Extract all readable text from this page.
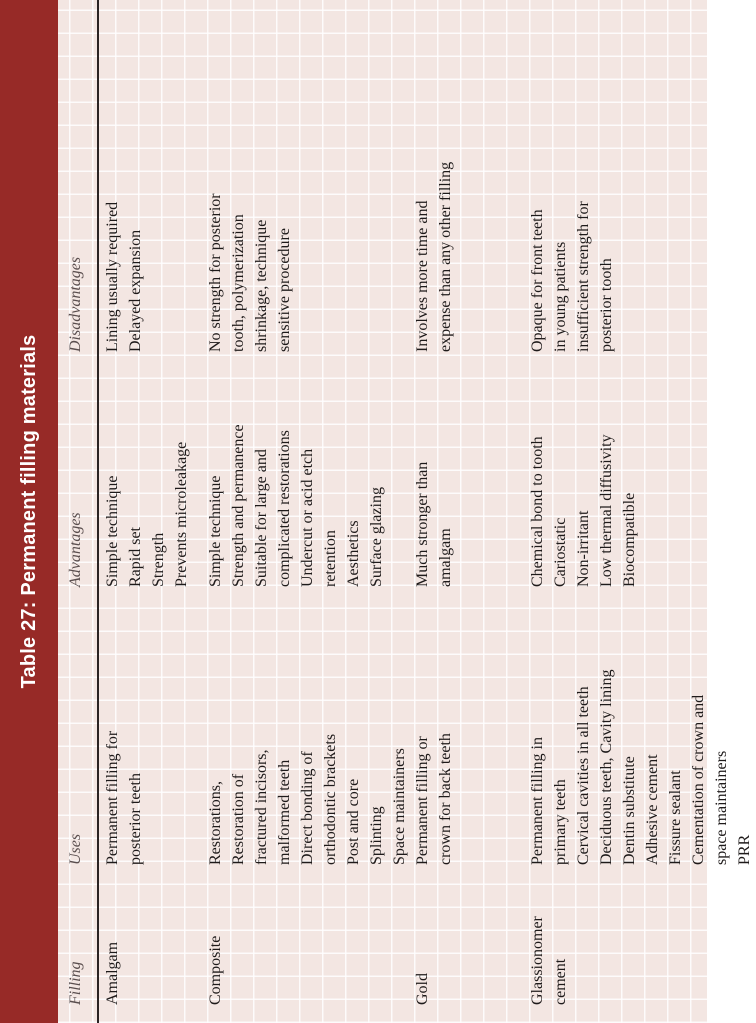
Table 27: Permanent filling materials
Filling
Uses
Advantages
Disadvantages
Amalgam
Permanent filling for posterior teeth
Simple technique Rapid set Strength Prevents microleakage
Lining usually required Delayed expansion
Composite
Restorations, Restoration of fractured incisors, malformed teeth Direct bonding of orthodontic brackets Post and core Splinting Space maintainers
Simple technique Strength and permanence Suitable for large and complicated restorations Undercut or acid etch retention Aesthetics Surface glazing
No strength for posterior tooth, polymerization shrinkage, technique sensitive procedure
Gold
Permanent filling or crown for back teeth
Much stronger than amalgam
Involves more time and expense than any other filling
Glassionomer cement
Permanent filling in primary teeth Cervical cavities in all teeth Deciduous teeth, Cavity lining Dentin substitute Adhesive cement Fissure sealant Cementation of crown and space maintainers PRR
Chemical bond to tooth Cariostatic Non-irritant Low thermal diffusivity Biocompatible
Opaque for front teeth in young patients insufficient strength for posterior tooth
